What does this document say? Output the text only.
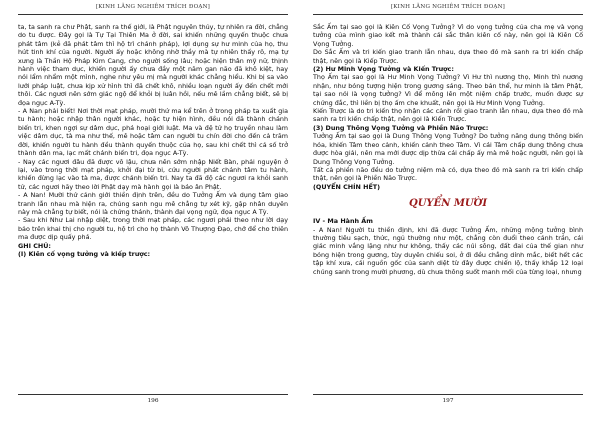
[KINH LĂNG NGHIÊM TRÍCH ĐOẠN]

ta, ta sanh ra chư Phật, sanh ra thế giới, là Phật nguyên thủy, tự nhiên ra đời, chẳng do tu được. Đây gọi là Tự Tại Thiên Ma ở đời, sai khiến những quyến thuộc chưa phát tâm (kẻ đã phát tâm thì hộ trì chánh pháp), lợi dụng sự hư minh của họ, thu hút tinh khí của người. Người ấy hoặc không nhờ thầy mà tự nhiên thấy rõ, mạ tự xưng là Thần Hộ Pháp Kim Cang, cho người sống lâu; hoặc hiện thân mỹ nữ, thịnh hành việc tham dục, khiến người ấy chưa đầy một năm gan não đã khô kiệt, hay nói lẩm nhẩm một mình, nghe như yêu mị mà người khác chẳng hiểu. Khi bị sa vào lưới pháp luật, chưa kịp xử hình thì đã chết khô, nhiều loạn người ấy đến chết mới thôi. Các ngươi nên sớm giác ngộ để khỏi bị luân hồi, nếu mê lầm chẳng biết, sẽ bị đọa ngục A-Tỳ.

- A Nan phải biết! Nơi thời mạt pháp, mười thứ ma kể trên ở trong pháp ta xuất gia tu hành; hoặc nhập thân người khác, hoặc tự hiện hình, đều nói đã thành chánh biến tri, khen ngợi sự dâm dục, phá hoại giới luật. Ma và đệ tử họ truyền nhau làm việc dâm dục, tà ma như thế, mê hoặc tâm can người tu chín đời cho đến cả trăm đời, khiến người tu hành đều thành quyến thuộc của họ, sau khi chết thì cả số trở thành dân ma, lạc mất chánh biến tri, đọa ngục A-Tỳ.

- Nay các ngươi đâu đã được vô lậu, chưa nên sớm nhập Niết Bàn, phải nguyện ở lại, vào trong thời mạt pháp, khởi đại từ bi, cứu người phát chánh tâm tu hành, khiến đừng lạc vào tà ma, được chánh biến tri. Nay ta đã độ các ngươi ra khỏi sanh tử, các ngươi hãy theo lời Phật dạy mà hành gọi là báo ân Phật.

- A Nan! Mười thứ cảnh giới thiền định trên, đều do Tưởng Ấm và dụng tâm giao tranh lẫn nhau mà hiện ra, chúng sanh ngu mê chẳng tự xét kỹ, gặp nhân duyên này mà chẳng tự biết, nói là chứng thánh, thành đại vọng ngữ, đọa ngục A Tỳ.

- Sau khi Như Lai nhập diệt, trong thời mạt pháp, các ngươi phải theo như lời dạy bảo trên khai thị cho người tu, hộ trì cho họ thành Vô Thượng Đạo, chớ để cho thiên ma được dịp quấy phá.

GHI CHÚ:

(I) Kiên cố vọng tưởng và kiếp trược:

196
[KINH LĂNG NGHIÊM TRÍCH ĐOẠN]

Sắc Ấm tại sao gọi là Kiên Cố Vọng Tưởng? Vì do vọng tưởng của cha mẹ và vọng tưởng của mình giao kết mà thành cái sắc thân kiên cố này, nên gọi là Kiên Cố Vọng Tưởng.

Do Sắc Ấm và tri kiến giao tranh lẫn nhau, dựa theo đó mà sanh ra tri kiến chấp thật, nên gọi là Kiếp Trược.

(2) Hư Minh Vọng Tưởng và Kiến Trược:

Thọ Ấm tại sao gọi là Hư Minh Vọng Tưởng? Vì Hư thì nương thọ, Minh thì nương nhận, như bóng tượng hiện trong gương sáng. Theo bản thể, hư minh là tâm Phật, tại sao nói là vọng tưởng? Vì để mông lên một niệm chấp trước, muốn được sự chứng đắc, thì liền bị thọ ấm che khuất, nên gọi là Hư Minh Vọng Tưởng.

Kiến Trược là do tri kiến thọ nhận các cảnh rồi giao tranh lẫn nhau, dựa theo đó mà sanh ra tri kiến chấp thật, nên gọi là Kiến Trược.

(3) Dung Thông Vọng Tưởng và Phiền Não Trược:

Tưởng Ấm tại sao gọi là Dung Thông Vọng Tưởng? Do tưởng năng dung thông biến hóa, khiến Tâm theo cảnh, khiến cảnh theo Tâm. Vì cái Tâm chấp dung thông chưa được hòa giải, nên ma mới được dịp thừa cái chấp ấy mà mê hoặc người, nên gọi là Dung Thông Vọng Tưởng.

Tất cả phiền não đều do tưởng niệm mà có, dựa theo đó mà sanh ra tri kiến chấp thật, nên gọi là Phiền Não Trược.

(QUYỂN CHÍN HẾT)

QUYỂN MƯỜI

IV - Ma Hành Ấm

- A Nan! Người tu thiền định, khi đã được Tưởng Ấm, những mộng tưởng bình thường tiêu sạch, thức, ngủ thường như một, chẳng còn đuổi theo cảnh trần, cái giác minh vắng lặng như hư không, thấy các núi sông, đất đai của thế gian như bóng hiện trong gương, tùy duyên chiếu soi, ở đi đều chẳng dính mắc, biết hết các tập khí xưa, cái nguồn gốc của sanh diệt từ đây được chiến lộ, thấy khắp 12 loại chúng sanh trong mười phương, dù chưa thông suốt manh mối của từng loại, nhưng

197
